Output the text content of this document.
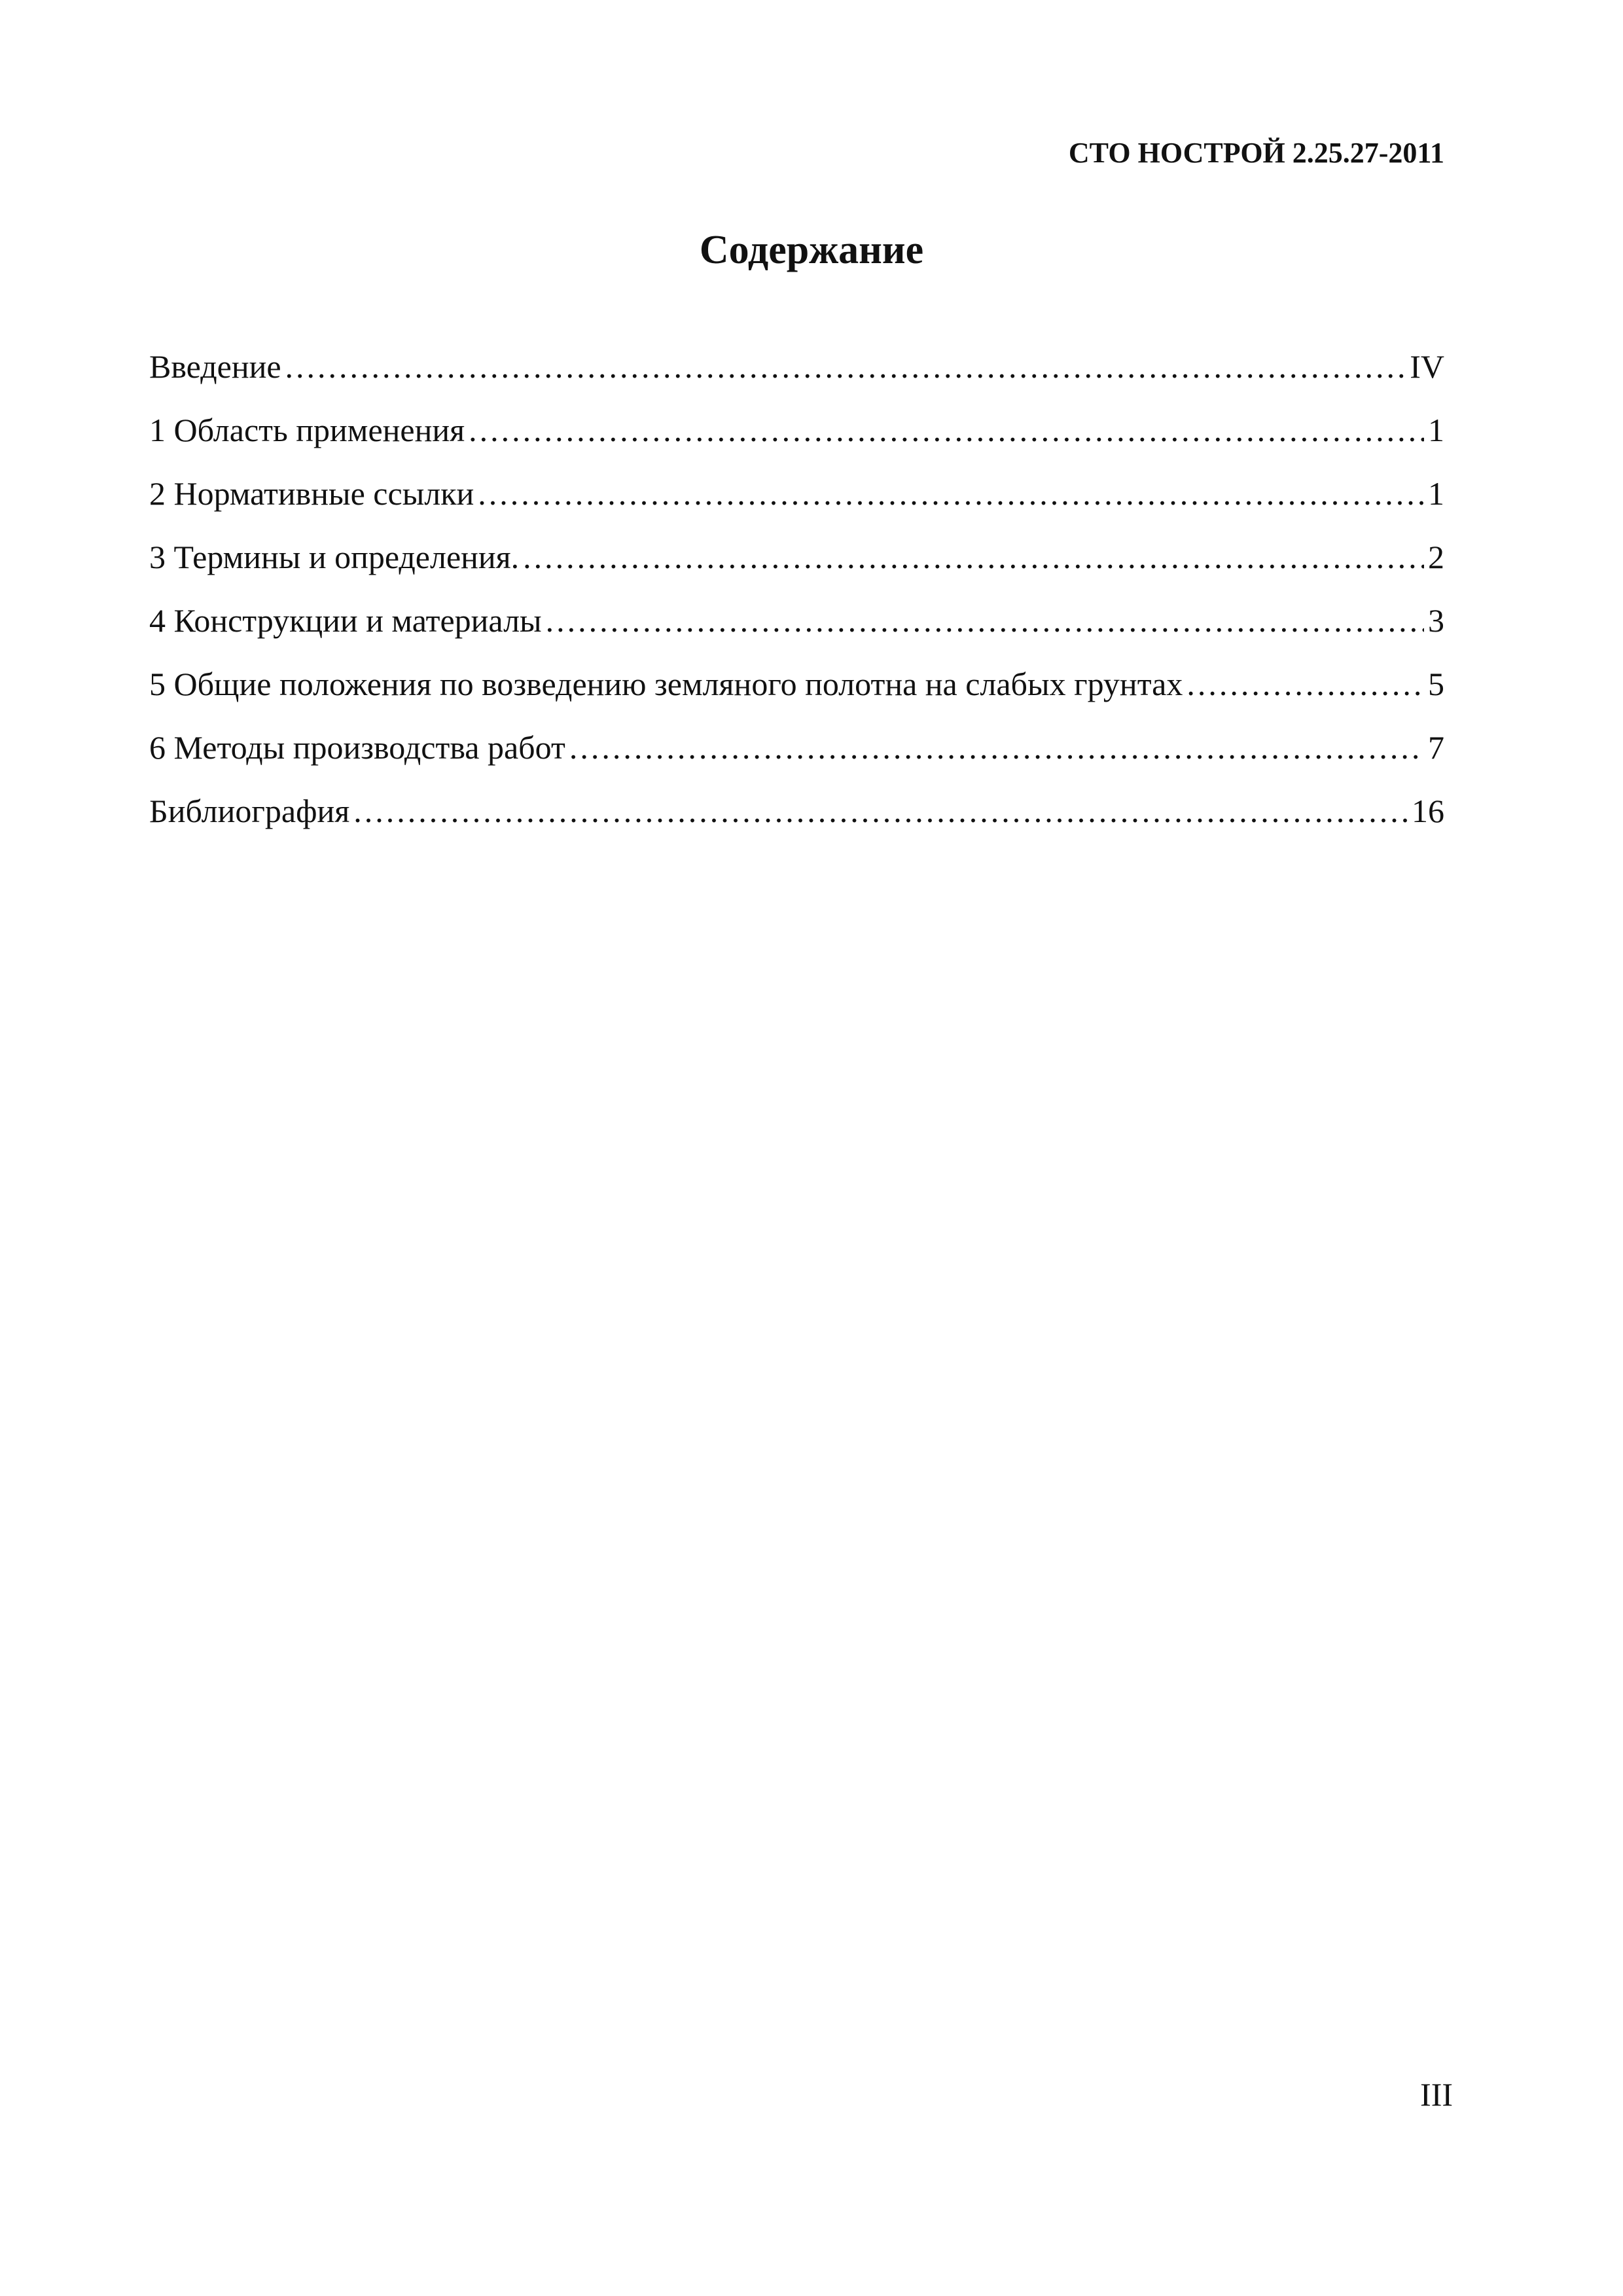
СТО НОСТРОЙ 2.25.27-2011
Содержание
Введение .....	IV
1 Область применения .....	1
2 Нормативные ссылки .....	1
3 Термины и определения. .....	2
4 Конструкции и материалы .....	3
5 Общие положения по возведению земляного полотна на слабых грунтах .....	5
6 Методы производства работ .....	7
Библиография .....	16
III
